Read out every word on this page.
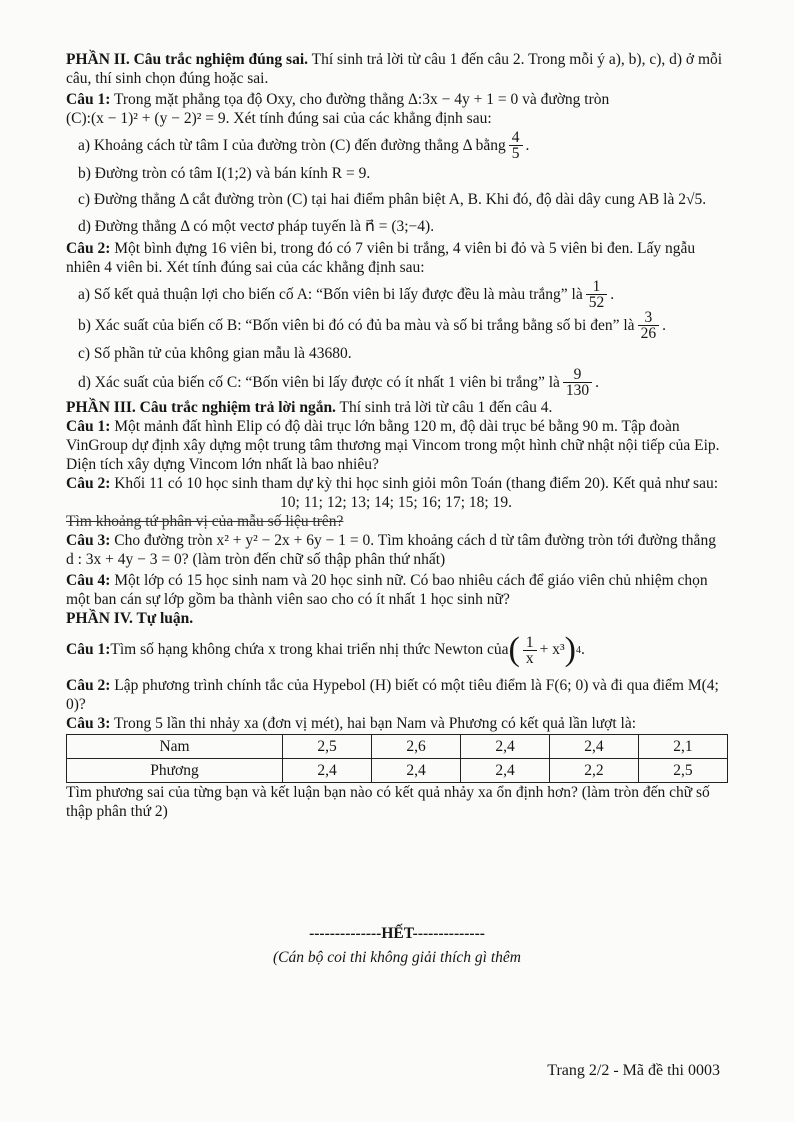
PHẦN II. Câu trắc nghiệm đúng sai. Thí sinh trả lời từ câu 1 đến câu 2. Trong mỗi ý a), b), c), d) ở mỗi câu, thí sinh chọn đúng hoặc sai.

Câu 1: Trong mặt phẳng tọa độ Oxy, cho đường thẳng Δ:3x − 4y + 1 = 0 và đường tròn

(C):(x − 1)² + (y − 2)² = 9. Xét tính đúng sai của các khẳng định sau:

a) Khoảng cách từ tâm I của đường tròn (C) đến đường thẳng Δ bằng $\frac{4}{5}$ .
b) Đường tròn có tâm I(1;2) và bán kính R = 9.
c) Đường thẳng Δ cắt đường tròn (C) tại hai điểm phân biệt A, B. Khi đó, độ dài dây cung AB là 2√5.
d) Đường thẳng Δ có một vectơ pháp tuyến là n⃗ = (3;−4).

Câu 2: Một bình đựng 16 viên bi, trong đó có 7 viên bi trắng, 4 viên bi đỏ và 5 viên bi đen. Lấy ngẫu nhiên 4 viên bi. Xét tính đúng sai của các khẳng định sau:

a) Số kết quả thuận lợi cho biến cố A: “Bốn viên bi lấy được đều là màu trắng” là $\frac{1}{52}$ .
b) Xác suất của biến cố B: “Bốn viên bi đó có đủ ba màu và số bi trắng bằng số bi đen” là $\frac{3}{26}$ .
c) Số phần tử của không gian mẫu là 43680.
d) Xác suất của biến cố C: “Bốn viên bi lấy được có ít nhất 1 viên bi trắng” là $\frac{9}{130}$ .

PHẦN III. Câu trắc nghiệm trả lời ngắn. Thí sinh trả lời từ câu 1 đến câu 4.

Câu 1: Một mảnh đất hình Elip có độ dài trục lớn bằng 120 m, độ dài trục bé bằng 90 m. Tập đoàn VinGroup dự định xây dựng một trung tâm thương mại Vincom trong một hình chữ nhật nội tiếp của Eip. Diện tích xây dựng Vincom lớn nhất là bao nhiêu?

Câu 2: Khối 11 có 10 học sinh tham dự kỳ thi học sinh giỏi môn Toán (thang điểm 20). Kết quả như sau:

10; 11; 12; 13; 14; 15; 16; 17; 18; 19.

Tìm khoảng tứ phân vị của mẫu số liệu trên?

Câu 3: Cho đường tròn x² + y² − 2x + 6y − 1 = 0. Tìm khoảng cách d từ tâm đường tròn tới đường thẳng d : 3x + 4y − 3 = 0? (làm tròn đến chữ số thập phân thứ nhất)

Câu 4: Một lớp có 15 học sinh nam và 20 học sinh nữ. Có bao nhiêu cách để giáo viên chủ nhiệm chọn một ban cán sự lớp gồm ba thành viên sao cho có ít nhất 1 học sinh nữ?

PHẦN IV. Tự luận.

Câu 1: Tìm số hạng không chứa x trong khai triển nhị thức Newton của ( $\frac{1}{x} + x^3$ ) 4 .

Câu 2: Lập phương trình chính tắc của Hypebol (H) biết có một tiêu điểm là F(6; 0) và đi qua điểm M(4; 0)?

Câu 3: Trong 5 lần thi nhảy xa (đơn vị mét), hai bạn Nam và Phương có kết quả lần lượt là:

Nam	2,5	2,6	2,4	2,4	2,1
Phương	2,4	2,4	2,4	2,2	2,5

Tìm phương sai của từng bạn và kết luận bạn nào có kết quả nhảy xa ổn định hơn? (làm tròn đến chữ số thập phân thứ 2)

--------------HẾT--------------
(Cán bộ coi thi không giải thích gì thêm
Trang 2/2 - Mã đề thi 0003
